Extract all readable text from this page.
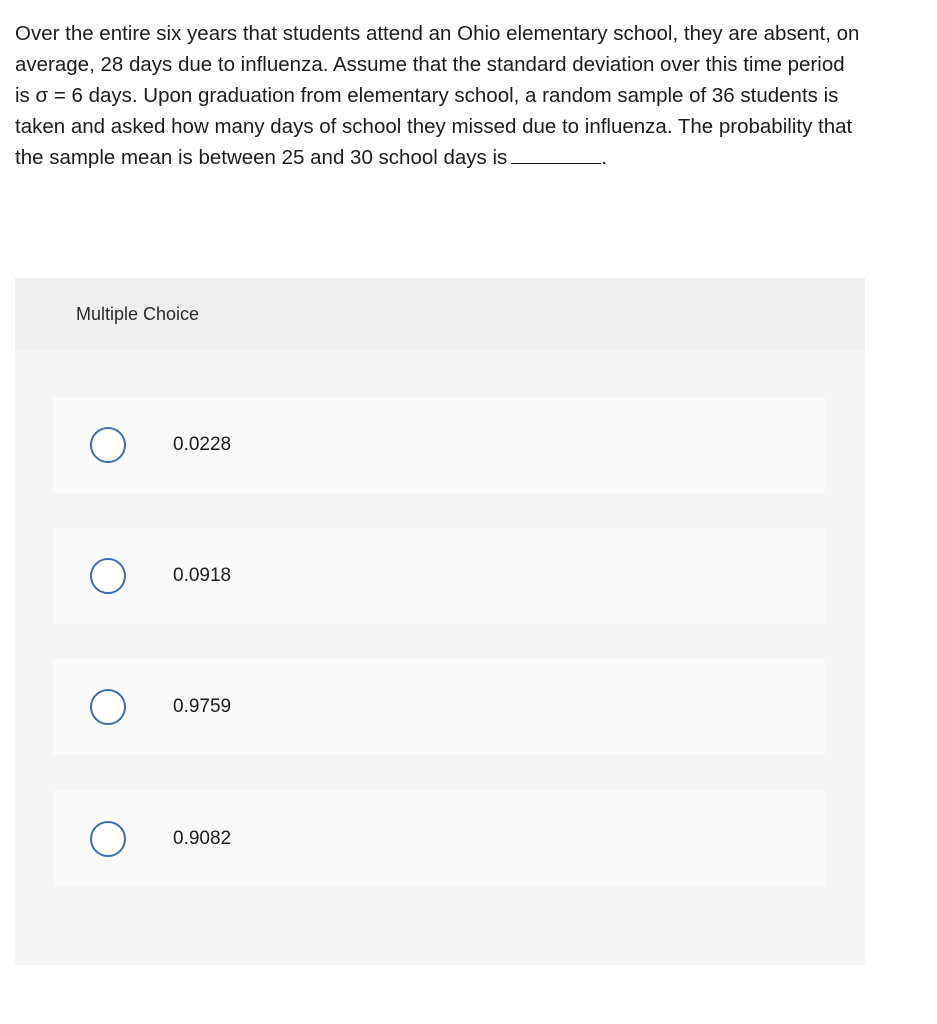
Over the entire six years that students attend an Ohio elementary school, they are absent, on average, 28 days due to influenza. Assume that the standard deviation over this time period is σ = 6 days. Upon graduation from elementary school, a random sample of 36 students is taken and asked how many days of school they missed due to influenza. The probability that the sample mean is between 25 and 30 school days is	.
Multiple Choice
0.0228
0.0918
0.9759
0.9082
